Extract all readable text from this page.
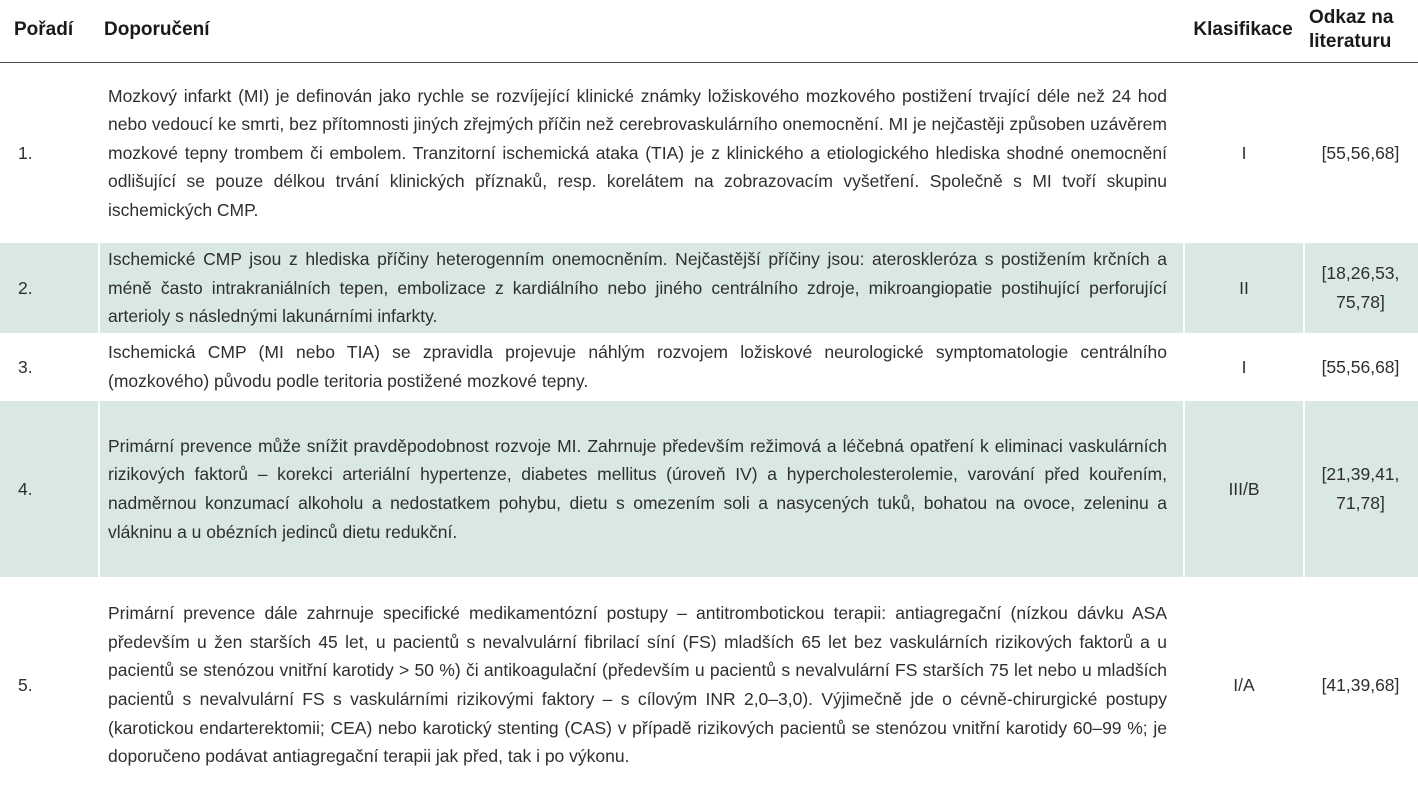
Pořadí	Doporučení	Klasifikace	Odkaz na literaturu
1.	Mozkový infarkt (MI) je definován jako rychle se rozvíjející klinické známky ložiskového mozkového postižení trvající déle než 24 hod nebo vedoucí ke smrti, bez přítomnosti jiných zřejmých příčin než cerebrovaskulárního onemocnění. MI je nejčastěji způsoben uzávěrem mozkové tepny trombem či embolem. Tranzitorní ischemická ataka (TIA) je z klinického a etiologického hlediska shodné onemocnění odlišující se pouze délkou trvání klinických příznaků, resp. korelátem na zobrazovacím vyšetření. Společně s MI tvoří skupinu ischemických CMP.	I	[55,56,68]
2.	Ischemické CMP jsou z hlediska příčiny heterogenním onemocněním. Nejčastější příčiny jsou: ateroskleróza s postižením krčních a méně často intrakraniálních tepen, embolizace z kardiálního nebo jiného centrálního zdroje, mikroangiopatie postihující perforující arterioly s následnými lakunárními infarkty.	II	[18,26,53, 75,78]
3.	Ischemická CMP (MI nebo TIA) se zpravidla projevuje náhlým rozvojem ložiskové neurologické symptomatologie centrálního (mozkového) původu podle teritoria postižené mozkové tepny.	I	[55,56,68]
4.	Primární prevence může snížit pravděpodobnost rozvoje MI. Zahrnuje především režimová a léčebná opatření k eliminaci vaskulárních rizikových faktorů – korekci arteriální hypertenze, diabetes mellitus (úroveň IV) a hypercholesterolemie, varování před kouřením, nadměrnou konzumací alkoholu a nedostatkem pohybu, dietu s omezením soli a nasycených tuků, bohatou na ovoce, zeleninu a vlákninu a u obézních jedinců dietu redukční.	III/B	[21,39,41, 71,78]
5.	Primární prevence dále zahrnuje specifické medikamentózní postupy – antitrombotickou terapii: antiagregační (nízkou dávku ASA především u žen starších 45 let, u pacientů s nevalvulární fibrilací síní (FS) mladších 65 let bez vaskulárních rizikových faktorů a u pacientů se stenózou vnitřní karotidy > 50 %) či antikoagulační (především u pacientů s nevalvulární FS starších 75 let nebo u mladších pacientů s nevalvulární FS s vaskulárními rizikovými faktory – s cílovým INR 2,0–3,0). Výjimečně jde o cévně-chirurgické postupy (karotickou endarterektomii; CEA) nebo karotický stenting (CAS) v případě rizikových pacientů se stenózou vnitřní karotidy 60–99 %; je doporučeno podávat antiagregační terapii jak před, tak i po výkonu.	I/A	[41,39,68]
